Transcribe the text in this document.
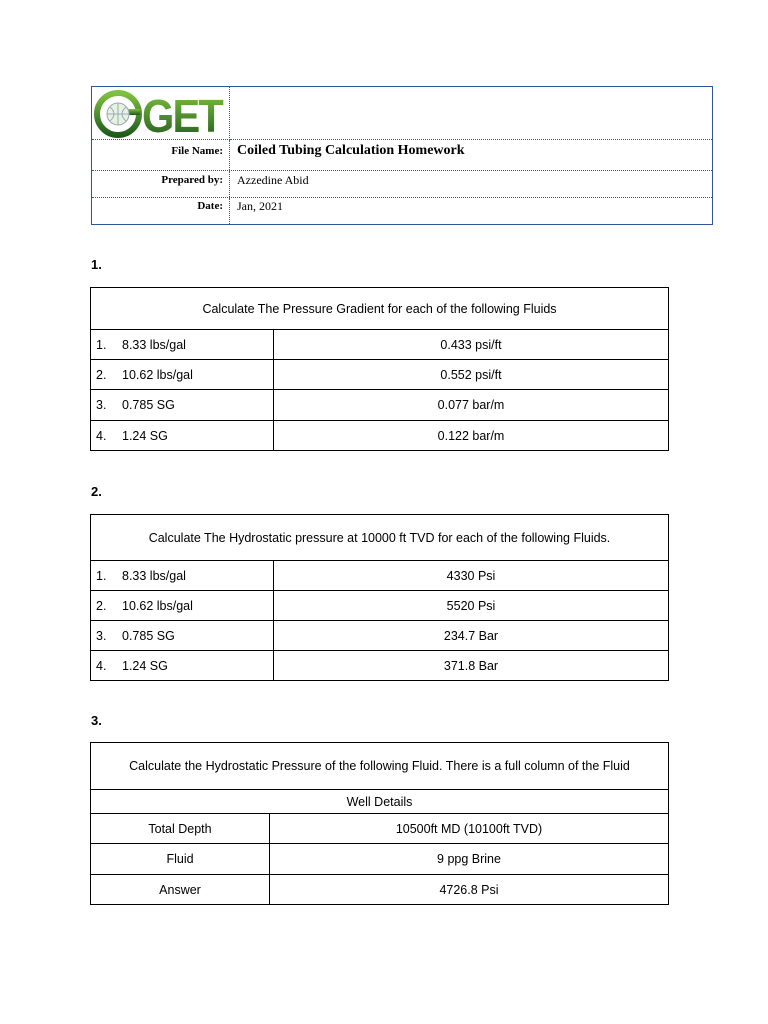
GET
File Name:	Coiled Tubing Calculation Homework
Prepared by:	Azzedine Abid
Date:	Jan, 2021
1.
Calculate The Pressure Gradient for each of the following Fluids	
1. 8.33 lbs/gal	0.433 psi/ft
2. 10.62 lbs/gal	0.552 psi/ft
3. 0.785 SG	0.077 bar/m
4. 1.24 SG	0.122 bar/m
2.
Calculate The Hydrostatic pressure at 10000 ft TVD for each of the following Fluids.	
1. 8.33 lbs/gal	4330 Psi
2. 10.62 lbs/gal	5520 Psi
3. 0.785 SG	234.7 Bar
4. 1.24 SG	371.8 Bar
3.
Calculate the Hydrostatic Pressure of the following Fluid. There is a full column of the Fluid	
Well Details	
Total Depth	10500ft MD (10100ft TVD)
Fluid	9 ppg Brine
Answer	4726.8 Psi
